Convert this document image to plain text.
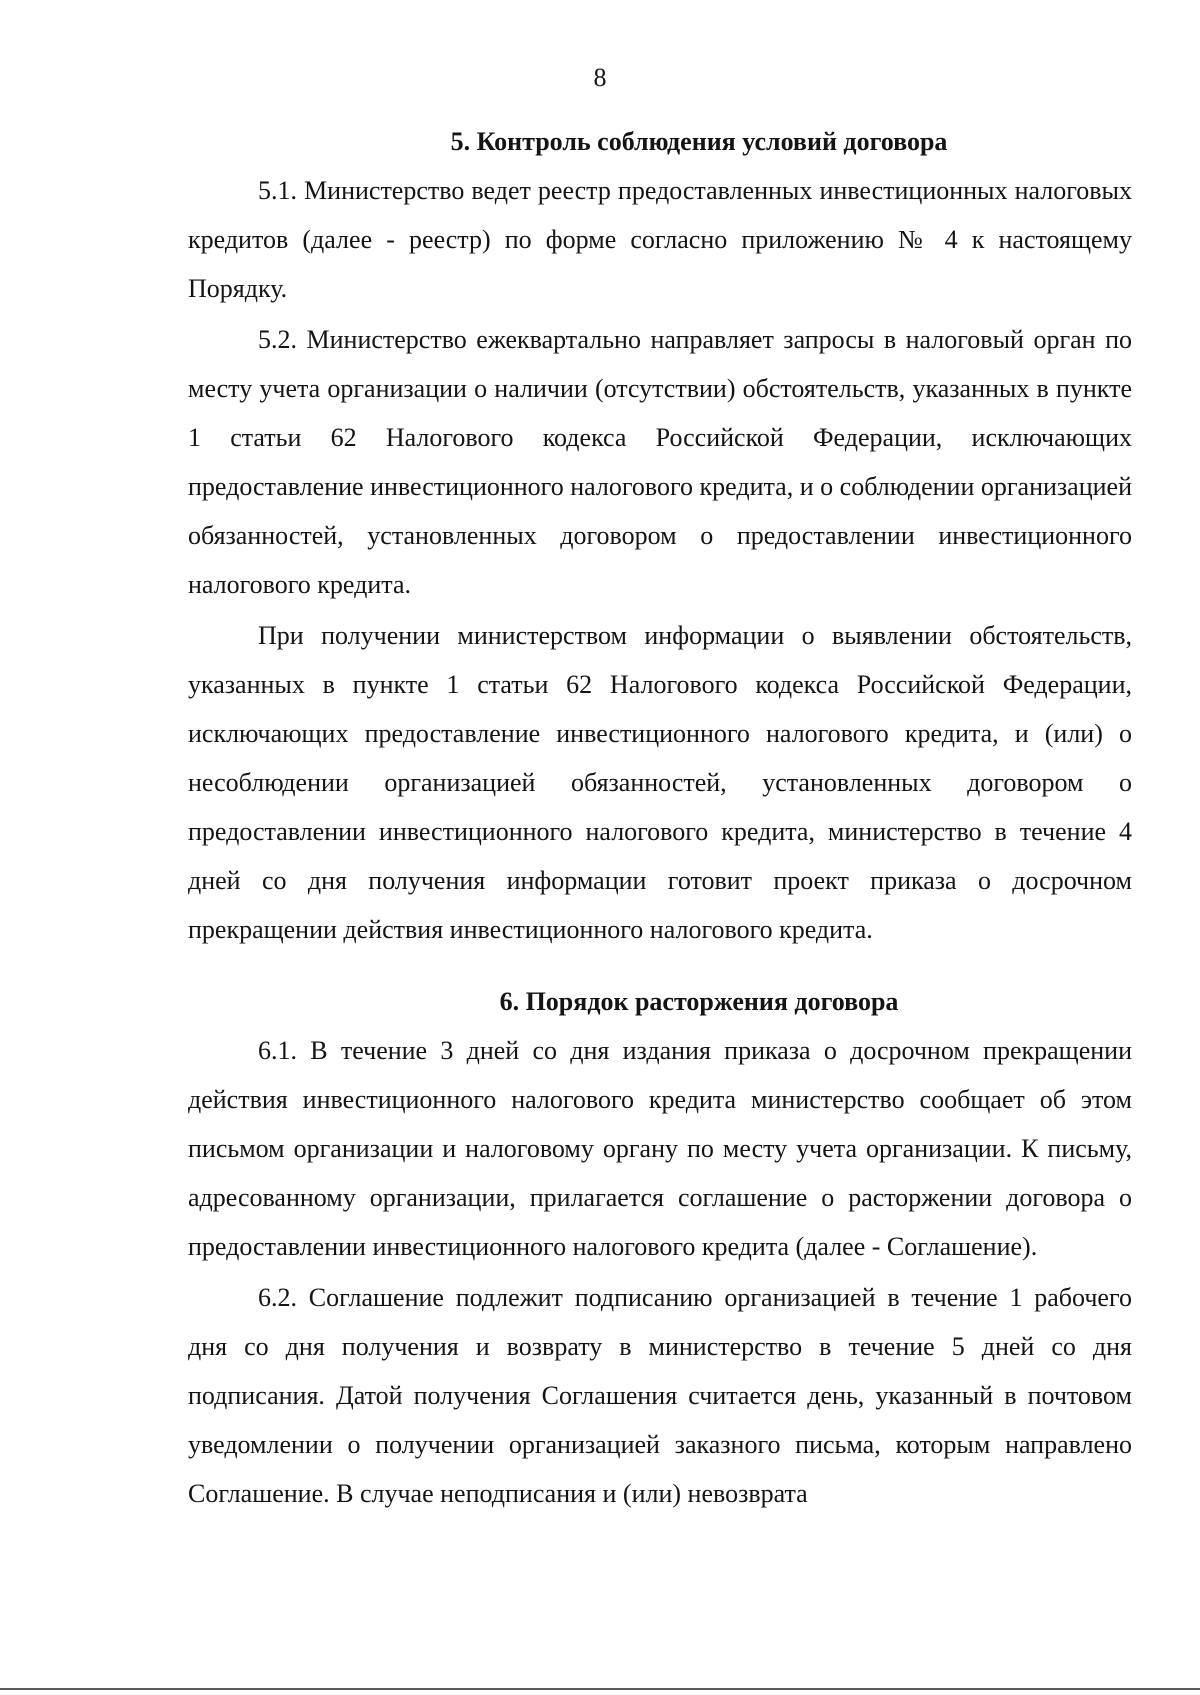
8
5. Контроль соблюдения условий договора

5.1. Министерство ведет реестр предоставленных инвестиционных налоговых кредитов (далее - реестр) по форме согласно приложению № 4 к настоящему Порядку.

5.2. Министерство ежеквартально направляет запросы в налоговый орган по месту учета организации о наличии (отсутствии) обстоятельств, указанных в пункте 1 статьи 62 Налогового кодекса Российской Федерации, исключающих предоставление инвестиционного налогового кредита, и о соблюдении организацией обязанностей, установленных договором о предоставлении инвестиционного налогового кредита.

При получении министерством информации о выявлении обстоятельств, указанных в пункте 1 статьи 62 Налогового кодекса Российской Федерации, исключающих предоставление инвестиционного налогового кредита, и (или) о несоблюдении организацией обязанностей, установленных договором о предоставлении инвестиционного налогового кредита, министерство в течение 4 дней со дня получения информации готовит проект приказа о досрочном прекращении действия инвестиционного налогового кредита.

6. Порядок расторжения договора

6.1. В течение 3 дней со дня издания приказа о досрочном прекращении действия инвестиционного налогового кредита министерство сообщает об этом письмом организации и налоговому органу по месту учета организации. К письму, адресованному организации, прилагается соглашение о расторжении договора о предоставлении инвестиционного налогового кредита (далее - Соглашение).

6.2. Соглашение подлежит подписанию организацией в течение 1 рабочего дня со дня получения и возврату в министерство в течение 5 дней со дня подписания. Датой получения Соглашения считается день, указанный в почтовом уведомлении о получении организацией заказного письма, которым направлено Соглашение. В случае неподписания и (или) невозврата
